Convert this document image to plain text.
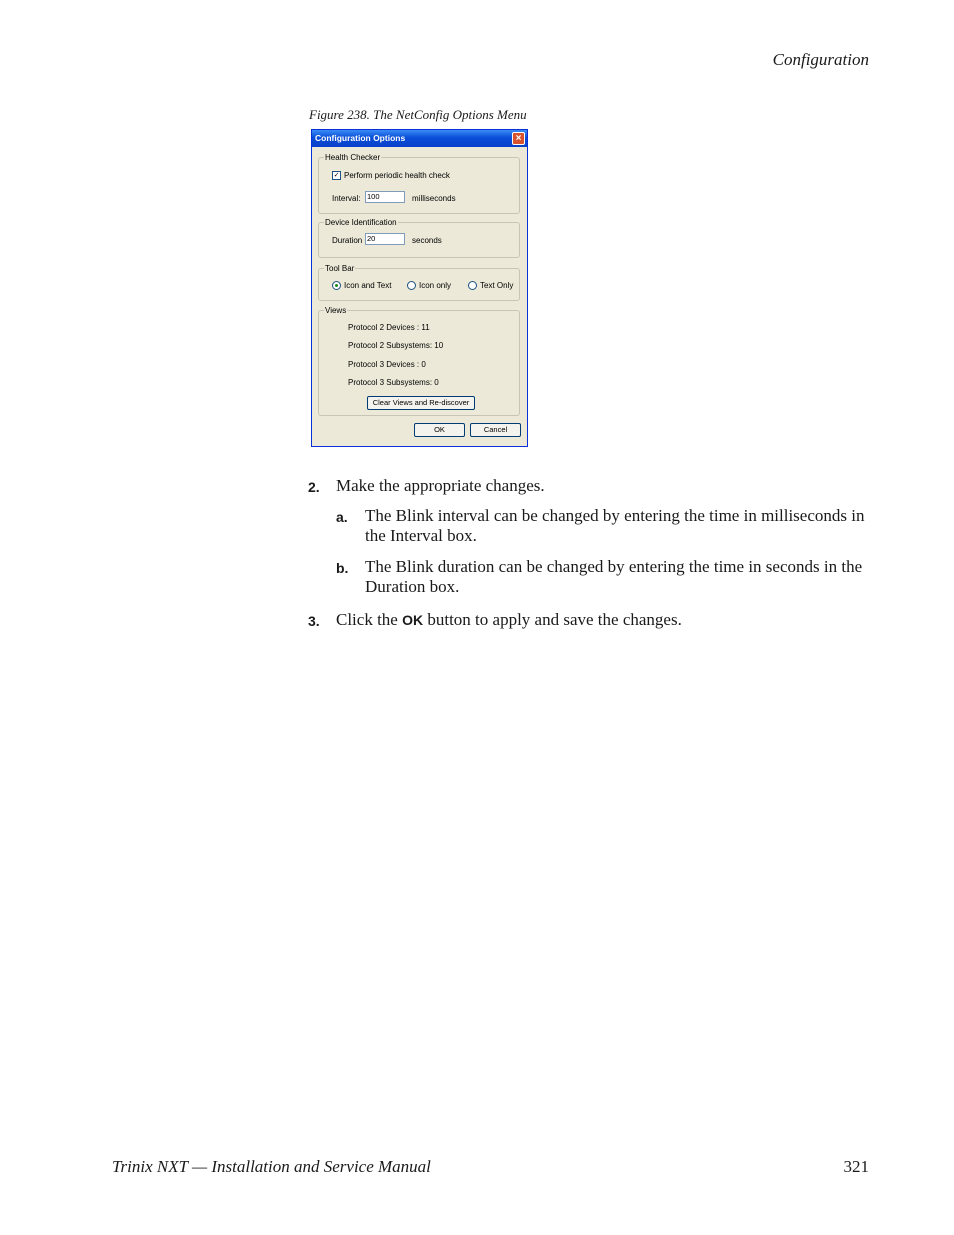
Configuration
Figure 238. The NetConfig Options Menu
Configuration Options	×
Health Checker
✓ Perform periodic health check
Interval: 100	milliseconds
Device Identification
Duration 20	seconds
Tool Bar
Icon and Text	Icon only	Text Only
Views
Protocol 2 Devices : 11
Protocol 2 Subsystems: 10
Protocol 3 Devices : 0
Protocol 3 Subsystems: 0
Clear Views and Re-discover
OK	Cancel
2. Make the appropriate changes.
a. The Blink interval can be changed by entering the time in milliseconds in the Interval box.
b. The Blink duration can be changed by entering the time in seconds in the Duration box.
3. Click the OK button to apply and save the changes.
Trinix NXT — Installation and Service Manual	321
